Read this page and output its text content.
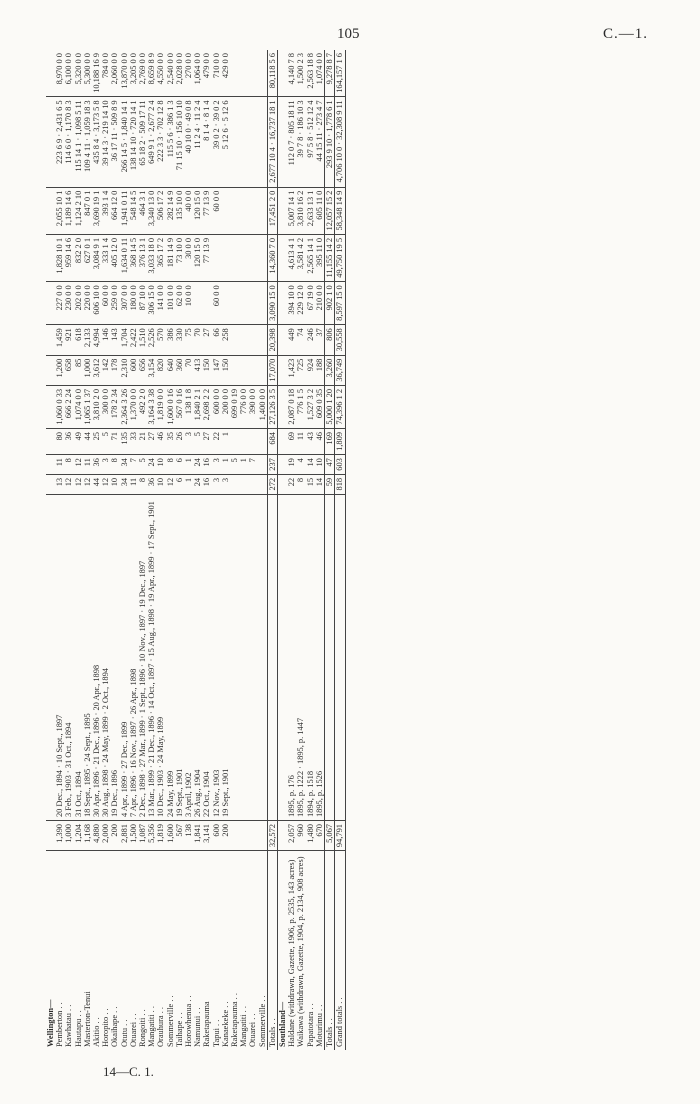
105	C.—1.
Wellington—													
Pemberton . .	1,390	20 Dec., 1894 · 10 Sept., 1897	13	11	80	1,060 0 33	1,200	1,459	227 0 0	1,828 10 1	2,055 10 1	223 6 9 · 2,431 6 5	8,970 0 0
Kawhatau . .	1,000	3 Feb., 1903 · 31 Oct., 1894	12	8	36	666 2 24	658	921	230 0 0	959 14 6	1,189 14 6	114 6 0 · 1,170 8 3	6,100 0 0
Hautapu . .	1,204	31 Oct., 1894	12	12	49	1,074 0 0	85	618	202 0 0	832 2 0	1,124 2 10	115 14 1 · 1,098 5 11	5,320 0 0
Masterton-Tenui	1,168	18 Sept., 1895 · 24 Sept., 1895	12	11	44	1,065 1 37	1,000	2,133	220 0 0	627 0 1	847 0 1	109 4 11 · 1,059 18 3	5,300 0 0
Akitio . .	4,880	30 Apr., 1896 · 21 Dec., 1896 · 20 Apr., 1898	44	36	25	3,810 2 0	3,612	4,994	606 10 0	3,084 9 1	3,690 19 1	435 8 4 · 3,173 5 8	10,188 16 9
Horopito . .	2,000	30 Aug., 1898 · 24 May, 1899 · 2 Oct., 1894	12	3	5	300 0 0	142	146	60 0 0	333 1 4	393 1 4	39 14 3 · 219 14 10	784 0 0
Okaihape . .	200	19 Dec., 1896	10	8	71	178 2 34	178	143	259 0 0	405 12 0	664 12 0	36 17 11 · 509 8 9	2,060 0 0
Otutu . .	2,881	4 Apr., 1899 · 27 Dec., 1899	34	34	135	2,364 3 26	2,310	1,704	307 0 0	1,634 0 11	1,941 0 11	266 14 5 · 1,840 14 1	13,870 0 0
Otuarei . .	1,500	7 Apr., 1896 · 16 Nov., 1897 · 26 Apr., 1898	11	7	33	1,370 0 0	600	2,422	180 0 0	368 14 5	548 14 5	138 14 10 · 720 14 1	3,205 0 0
Rongoiti . .	1,087	2 Dec., 1898 · 27 Mar., 1899 · 1 Sept., 1896 · 10 Nov., 1897 · 19 Dec., 1897	8	5	21	492 2 0	656	1,510	87 10 0	376 13 1	464 3 1	65 18 2 · 509 17 11	2,769 0 0
Mangatiti . .	5,356	13 Mar., 1899 · 21 Dec., 1896 · 14 Oct., 1897 · 15 Aug., 1898 · 19 Apr., 1899 · 17 Sept., 1901	36	24	27	3,164 3 38	3,154	2,526	306 15 0	3,033 18 0	3,340 13 0	649 9 1 · 2,677 2 4	8,659 8 9
Orauhura . .	1,819	10 Dec., 1903 · 24 May, 1899	10	10	46	1,819 0 0	820	570	141 0 0	365 17 2	506 17 2	222 3 3 · 702 12 8	4,550 0 0
Sommerville . .	1,600	24 May, 1899	12	8	35	1,600 0 16	640	386	101 0 0	181 14 9	282 14 9	115 5 6 · 386 1 3	2,540 0 0
Taihape . .	567	19 Sept., 1901	6	6	26	567 0 16	360	330	62 0 0	73 10 0	135 10 0	71 15 10 · 156 10 10	2,028 0 0
Horowhenua . .	138	3 April, 1902	1	1	3	138 1 8	70	75	10 0 0	30 0 0	40 0 0	40 10 0 · 49 0 8	270 0 0
Namunui . .	1,841	26 Aug., 1904	24	24	5	1,840 2 1	413	70		120 15 0	120 15 0	11 2 4 · 11 2 4	1,064 0 0
Raketapauma	3,141	22 Oct., 1904	16	16	27	2,698 2 2	150	27		77 13 9	77 13 9	8 1 4 · 8 1 4	479 0 0
Tapui . .	600	12 Nov., 1903	3	3	22	600 0 0	147	66	60 0 0		60 0 0	39 0 2 · 39 0 2	710 0 0
Kanaekeke . .	200	19 Sept., 1901	3	1	1	200 0 0	150	258				5 12 6 · 5 12 6	429 0 0
Raketapauma . .				5		699 0 19							
Mangatiti . .				1		776 0 0							
Otuarei . .				7		390 0 0							
Sommerville . .						1,400 0 0							
Totals . .	32,572		272	237	684	27,126 3 5	17,070	20,398	3,090 15 0	14,360 7 0	17,451 2 0	2,677 10 4 · 16,737 18 1	80,118 5 6
Southland—													
Haldane (withdrawn, Gazette, 1906, p. 2535, 143 acres)	2,057	1895, p. 176	22	19	69	2,087 0 18	1,423	449	394 10 0	4,613 4 1	5,007 14 1	112 0 7 · 805 18 11	4,140 7 8
Waikawa (withdrawn, Gazette, 1904, p. 2134, 908 acres)	960	1895, p. 1222 · 1895, p. 1447	8	4	11	776 1 5	725	74	229 12 0	3,581 4 2	3,810 16 2	39 7 8 · 186 10 3	1,500 2 3
Papatotara . .	1,480	1894, p. 1518	15	14	43	1,527 3 2	924	246	67 19 0	2,565 14 1	2,633 13 1	97 5 8 · 512 12 4	2,563 18 8
Moturimu . .	670	1895, p. 1526	14	10	46	609 0 35	188	37	210 0 0	395 11 0	605 11 0	44 15 11 · 273 4 7	1,074 0 0
Totals . .	5,067		59	47	169	5,000 1 20	3,260	806	902 1 0	11,155 14 2	12,057 15 2	293 9 10 · 1,778 6 1	9,278 8 7
Grand totals . .	94,791		818	603	1,809	74,396 1 2	36,749	30,558	8,597 15 0	49,750 19 5	58,348 14 9	4,706 10 0 · 32,308 9 11	164,157 1 6
14—C. 1.
